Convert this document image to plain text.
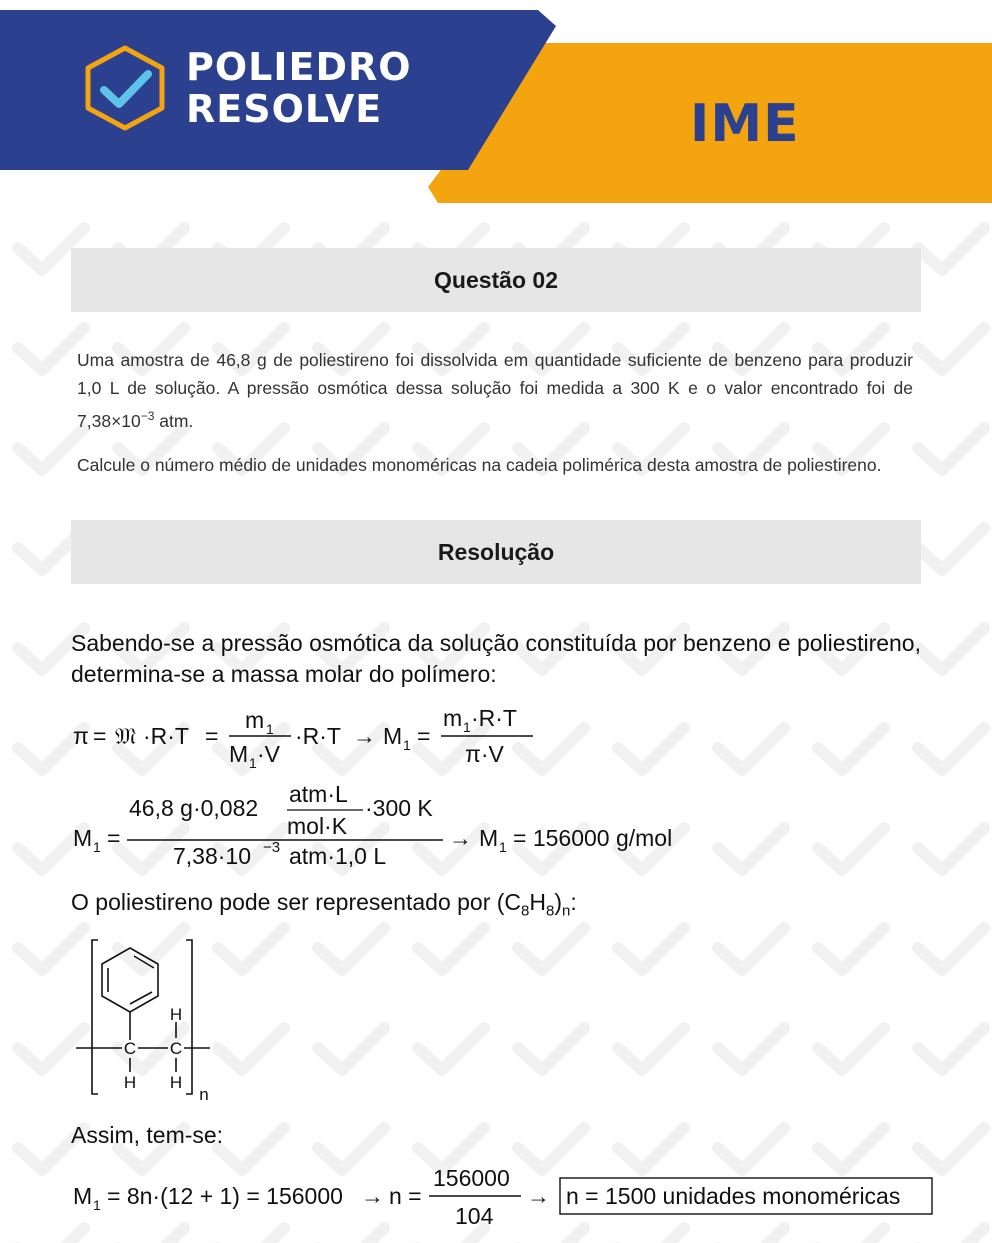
POLIEDRO
RESOLVE	IME
Questão 02

Uma amostra de 46,8 g de poliestireno foi dissolvida em quantidade suficiente de benzeno para produzir 1,0 L de solução. A pressão osmótica dessa solução foi medida a 300 K e o valor encontrado foi de $7,38\times 10^{-3}$ atm.

Calcule o número médio de unidades monoméricas na cadeia polimérica desta amostra de poliestireno.

Resolução
Sabendo-se a pressão osmótica da solução constituída por benzeno e poliestireno, determina-se a massa molar do polímero:
π = 𝔐 ·R·T =
m 1
M 1 ·V
·R·T → M 1 =
m 1 ·R·T
π·V
M 1 =
46,8 g·0,082
atm·L
mol·K
·300 K
7,38·10 −3 atm·1,0 L
→ M 1 = 156000 g/mol
O poliestireno pode ser representado por $(C_8H_8)_n$:
H
C C
H H
n
Assim, tem-se:
M 1 = 8n·(12 + 1) = 156000 → n =
156000
104
→ n = 1500 unidades monoméricas
